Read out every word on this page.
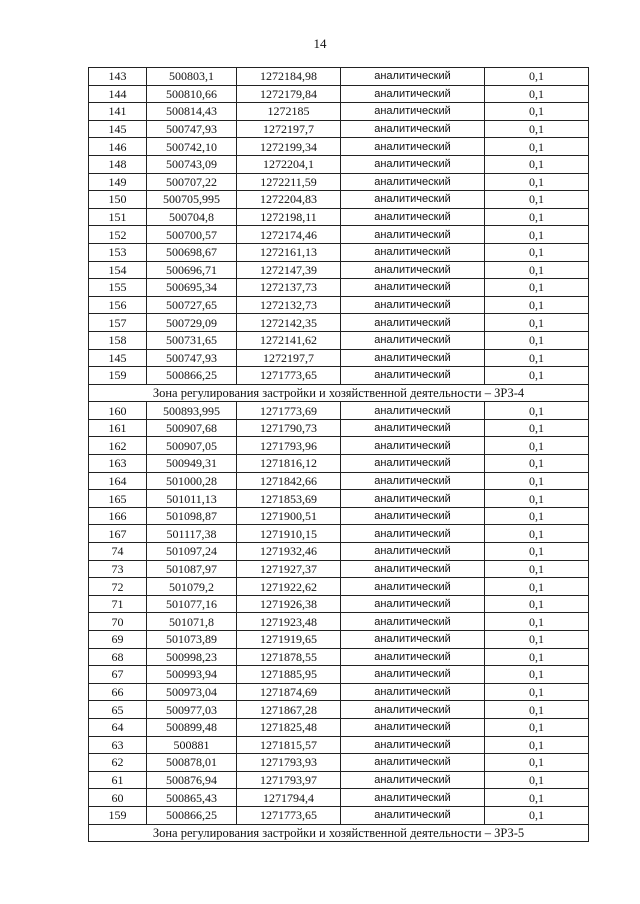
14
143	500803,1	1272184,98	аналитический	0,1
144	500810,66	1272179,84	аналитический	0,1
141	500814,43	1272185	аналитический	0,1
145	500747,93	1272197,7	аналитический	0,1
146	500742,10	1272199,34	аналитический	0,1
148	500743,09	1272204,1	аналитический	0,1
149	500707,22	1272211,59	аналитический	0,1
150	500705,995	1272204,83	аналитический	0,1
151	500704,8	1272198,11	аналитический	0,1
152	500700,57	1272174,46	аналитический	0,1
153	500698,67	1272161,13	аналитический	0,1
154	500696,71	1272147,39	аналитический	0,1
155	500695,34	1272137,73	аналитический	0,1
156	500727,65	1272132,73	аналитический	0,1
157	500729,09	1272142,35	аналитический	0,1
158	500731,65	1272141,62	аналитический	0,1
145	500747,93	1272197,7	аналитический	0,1
159	500866,25	1271773,65	аналитический	0,1
Зона регулирования застройки и хозяйственной деятельности – ЗРЗ-4				
160	500893,995	1271773,69	аналитический	0,1
161	500907,68	1271790,73	аналитический	0,1
162	500907,05	1271793,96	аналитический	0,1
163	500949,31	1271816,12	аналитический	0,1
164	501000,28	1271842,66	аналитический	0,1
165	501011,13	1271853,69	аналитический	0,1
166	501098,87	1271900,51	аналитический	0,1
167	501117,38	1271910,15	аналитический	0,1
74	501097,24	1271932,46	аналитический	0,1
73	501087,97	1271927,37	аналитический	0,1
72	501079,2	1271922,62	аналитический	0,1
71	501077,16	1271926,38	аналитический	0,1
70	501071,8	1271923,48	аналитический	0,1
69	501073,89	1271919,65	аналитический	0,1
68	500998,23	1271878,55	аналитический	0,1
67	500993,94	1271885,95	аналитический	0,1
66	500973,04	1271874,69	аналитический	0,1
65	500977,03	1271867,28	аналитический	0,1
64	500899,48	1271825,48	аналитический	0,1
63	500881	1271815,57	аналитический	0,1
62	500878,01	1271793,93	аналитический	0,1
61	500876,94	1271793,97	аналитический	0,1
60	500865,43	1271794,4	аналитический	0,1
159	500866,25	1271773,65	аналитический	0,1
Зона регулирования застройки и хозяйственной деятельности – ЗРЗ-5				
